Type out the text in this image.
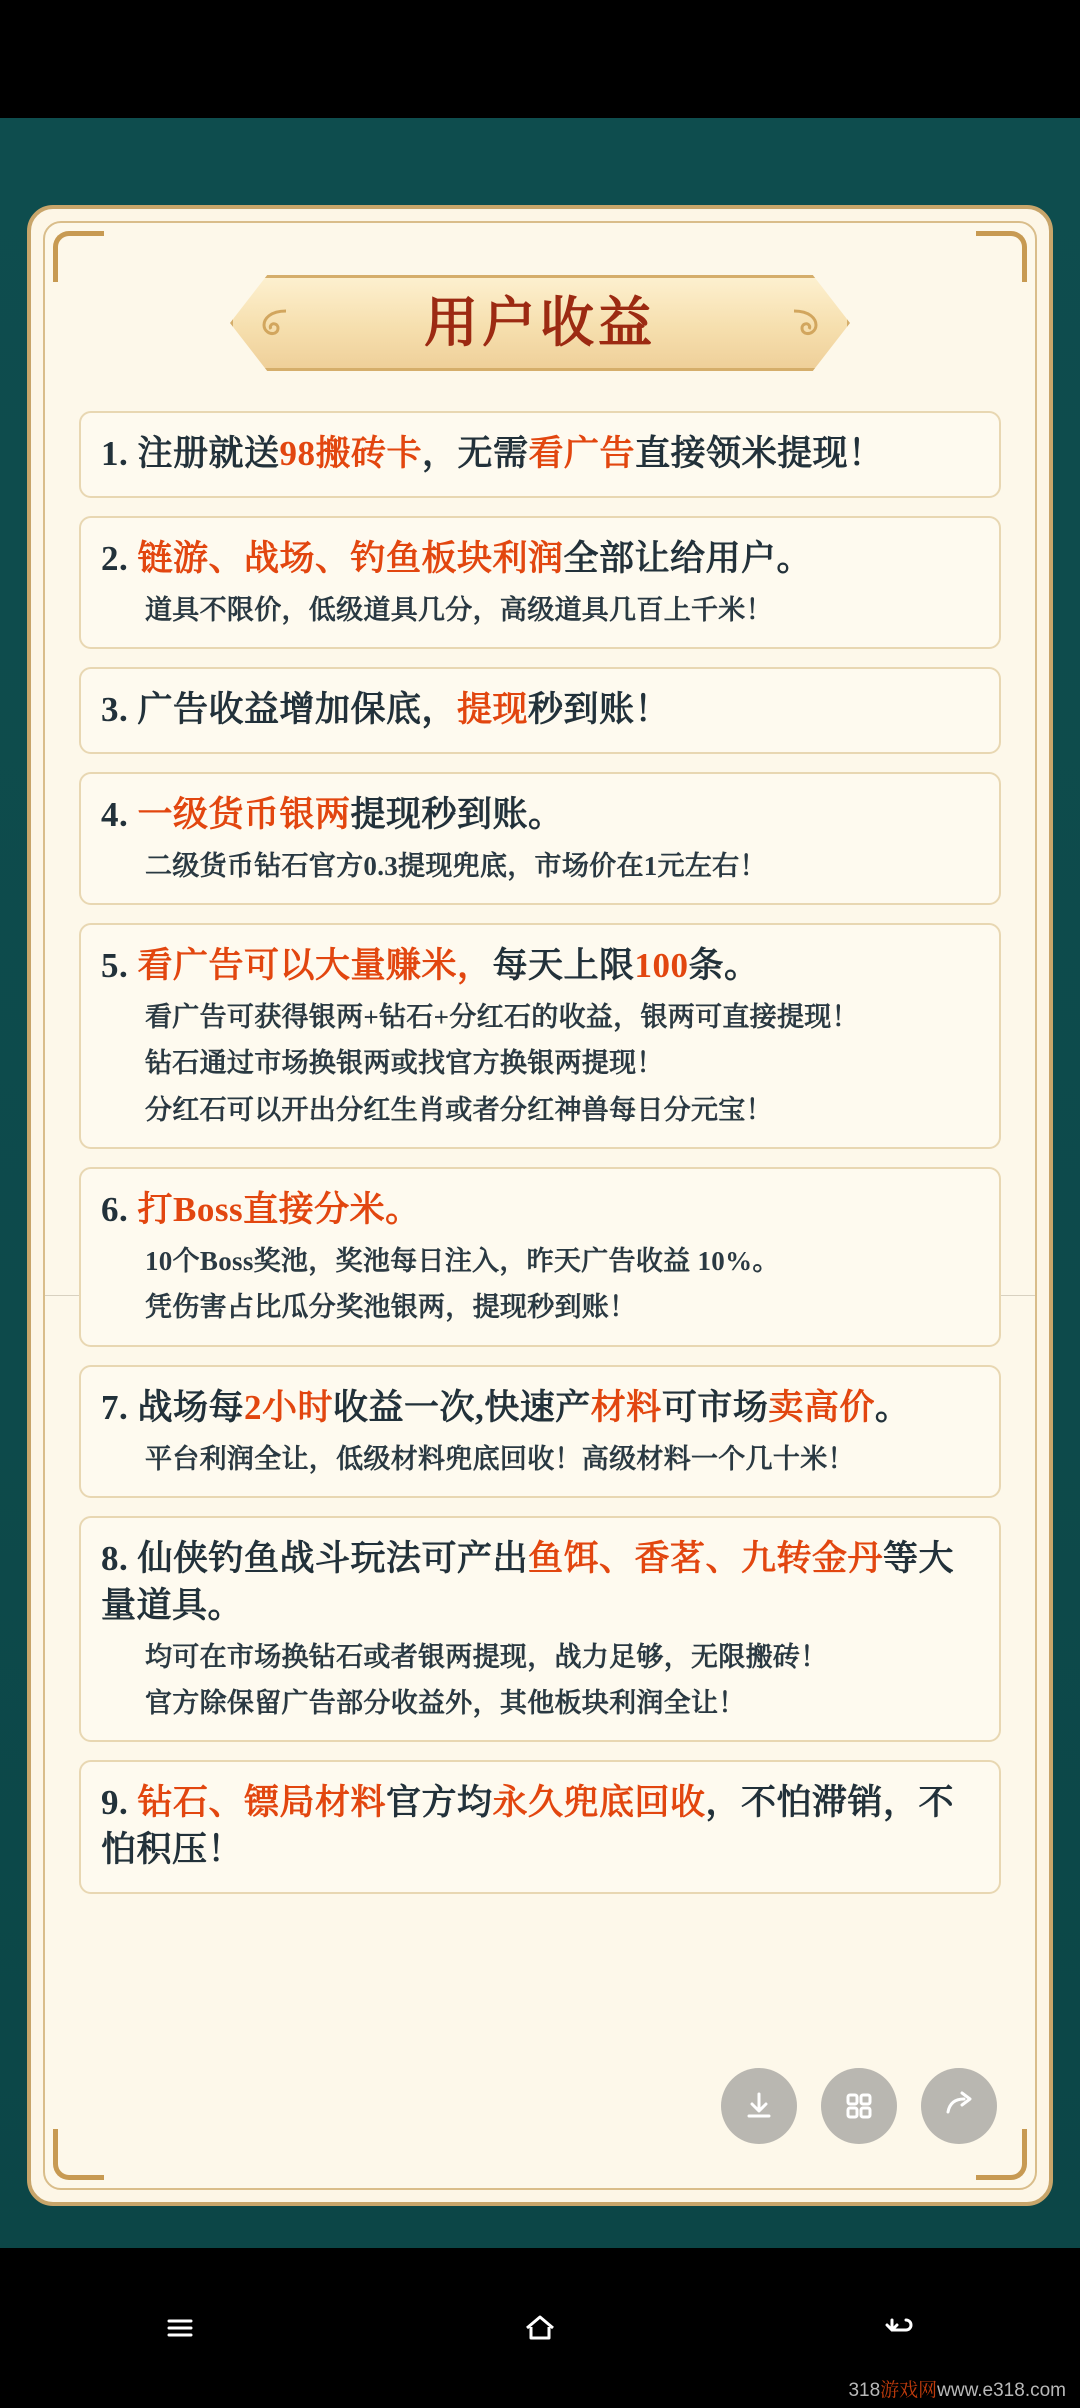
用户收益
1. 注册就送98搬砖卡，无需看广告直接领米提现！
2. 链游、战场、钓鱼板块利润全部让给用户。
道具不限价，低级道具几分，高级道具几百上千米！
3. 广告收益增加保底，提现秒到账！
4. 一级货币银两提现秒到账。
二级货币钻石官方0.3提现兜底，市场价在1元左右！
5. 看广告可以大量赚米，每天上限100条。
看广告可获得银两+钻石+分红石的收益，银两可直接提现！
钻石通过市场换银两或找官方换银两提现！
分红石可以开出分红生肖或者分红神兽每日分元宝！
6. 打Boss直接分米。
10个Boss奖池，奖池每日注入，昨天广告收益 10%。
凭伤害占比瓜分奖池银两，提现秒到账！
7. 战场每2小时收益一次,快速产材料可市场卖高价。
平台利润全让，低级材料兜底回收！高级材料一个几十米！
8. 仙侠钓鱼战斗玩法可产出鱼饵、香茗、九转金丹等大量道具。
均可在市场换钻石或者银两提现，战力足够，无限搬砖！
官方除保留广告部分收益外，其他板块利润全让！
9. 钻石、镖局材料官方均永久兜底回收，不怕滞销，不怕积压！
318游戏网www.e318.com
